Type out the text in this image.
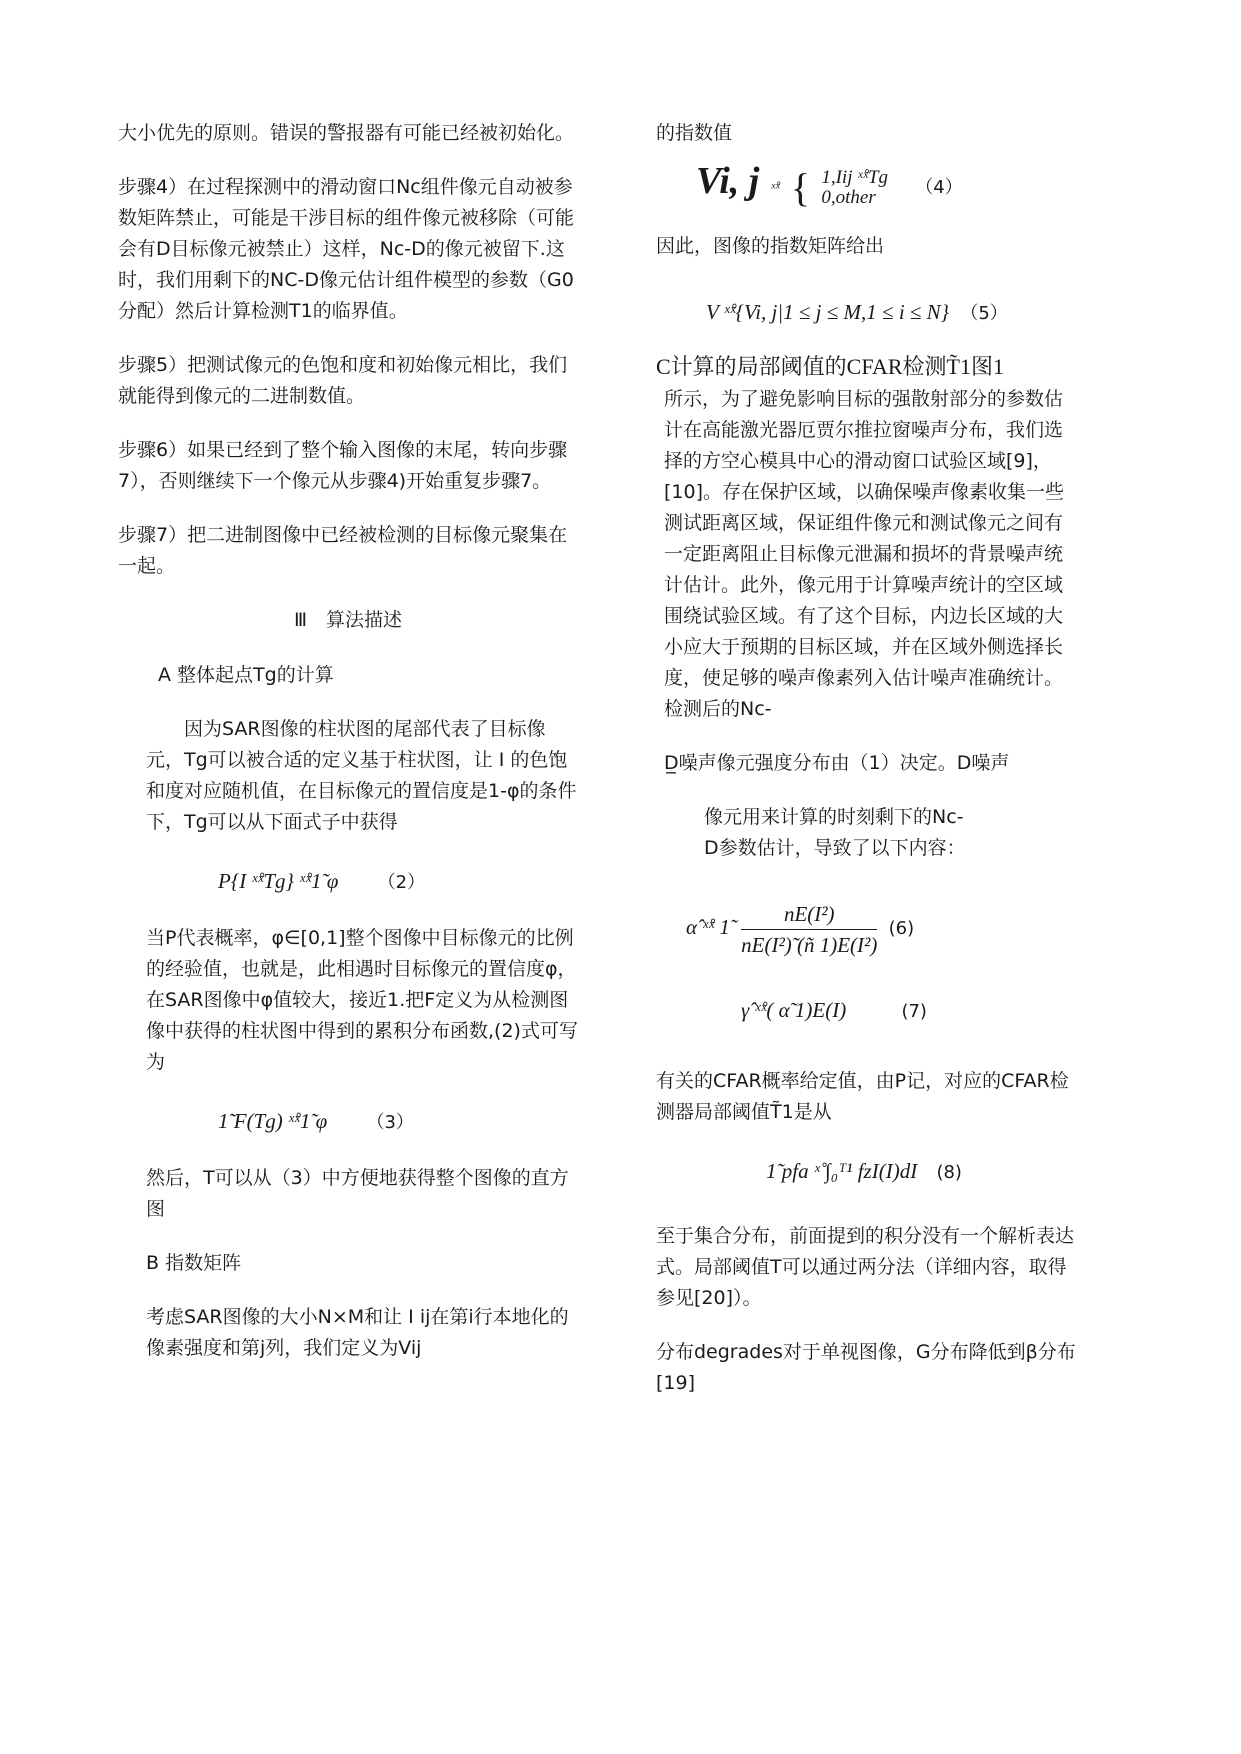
大小优先的原则。错误的警报器有可能已经被初始化。

步骤4）在过程探测中的滑动窗口Nc组件像元自动被参数矩阵禁止，可能是干涉目标的组件像元被移除（可能会有D目标像元被禁止）这样，Nc-D的像元被留下.这时，我们用剩下的NC-D像元估计组件模型的参数（G0分配）然后计算检测T1的临界值。

步骤5）把测试像元的色饱和度和初始像元相比，我们就能得到像元的二进制数值。

步骤6）如果已经到了整个输入图像的末尾，转向步骤7），否则继续下一个像元从步骤4)开始重复步骤7。

步骤7）把二进制图像中已经被检测的目标像元聚集在一起。

Ⅲ　算法描述

A 整体起点Tg的计算

因为SAR图像的柱状图的尾部代表了目标像元，Tg可以被合适的定义基于柱状图，让 I 的色饱和度对应随机值，在目标像元的置信度是1-φ的条件下，Tg可以从下面式子中获得

P{I ˣ̊ˣTg} ˣ̊ˣ1̃ φ （2）

当P代表概率，φ∈[0,1]整个图像中目标像元的比例的经验值，也就是，此相遇时目标像元的置信度φ，在SAR图像中φ值较大，接近1.把F定义为从检测图像中获得的柱状图中得到的累积分布函数,(2)式可写为

1̃ F(Tg) ˣ̊ˣ1̃ φ （3）

然后，T可以从（3）中方便地获得整个图像的直方图

B 指数矩阵

考虑SAR图像的大小N×M和让 I ij在第i行本地化的像素强度和第j列，我们定义为Vij

的指数值

Vi, j ˣ̊ˣ { 1,Iij ˣ̊ˣTg
0,other （4）

因此，图像的指数矩阵给出

V ˣ̊ˣ{Vi, j|1 ≤ j ≤ M,1 ≤ i ≤ N} （5）
C计算的局部阈值的CFAR检测T̃1图1

所示，为了避免影响目标的强散射部分的参数估计在高能激光器厄贾尔推拉窗噪声分布，我们选择的方空心模具中心的滑动窗口试验区域[9]，[10]。存在保护区域，以确保噪声像素收集一些测试距离区域，保证组件像元和测试像元之间有一定距离阻止目标像元泄漏和损坏的背景噪声统计估计。此外，像元用于计算噪声统计的空区域围绕试验区域。有了这个目标，内边长区域的大小应大于预期的目标区域，并在区域外侧选择长度，使足够的噪声像素列入估计噪声准确统计。检测后的Nc-

D̲噪声像元强度分布由（1）决定。D噪声

像元用来计算的时刻剩下的Nc-D参数估计，导致了以下内容：

α̂ ˣ̊ˣ 1̃ $\frac{\text{nE(I²)}}{\text{nE(I²)̃ (ñ 1)E(I²)}} (6)$
γ̂ ˣ̊ˣ( α̃ 1)E(I)	(7)

有关的CFAR概率给定值，由P记，对应的CFAR检测器局部阈值T̃1是从

1̃ pfa ˣ̊ ∫₀ᵀ¹ fzI(I)dI (8)

至于集合分布，前面提到的积分没有一个解析表达式。局部阈值T可以通过两分法（详细内容，取得参见[20]）。

分布degrades对于单视图像，G分布降低到β分布[19]
